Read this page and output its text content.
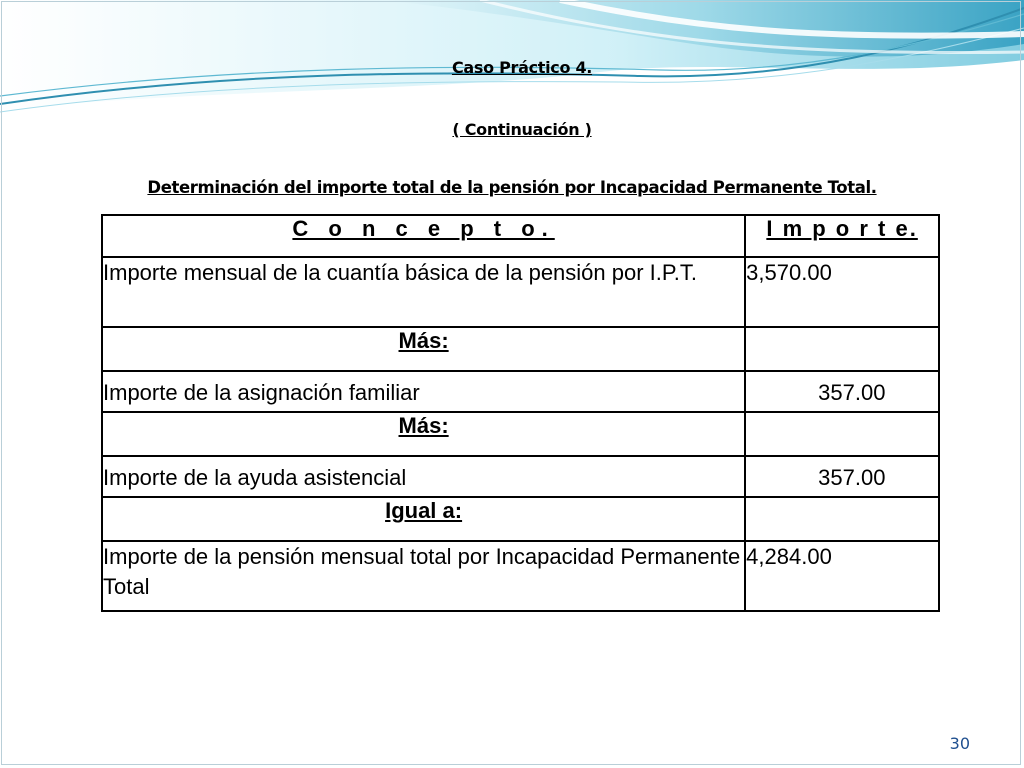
Caso Práctico 4.
( Continuación )
Determinación del importe total de la pensión por Incapacidad Permanente Total.
C o n c e p t o.	I m p o r t e.
Importe mensual de la cuantía básica de la pensión por I.P.T.	3,570.00
Más:	
Importe de la asignación familiar	357.00
Más:	
Importe de la ayuda asistencial	357.00
Igual a:	
Importe de la pensión mensual total por Incapacidad Permanente Total	4,284.00
30
